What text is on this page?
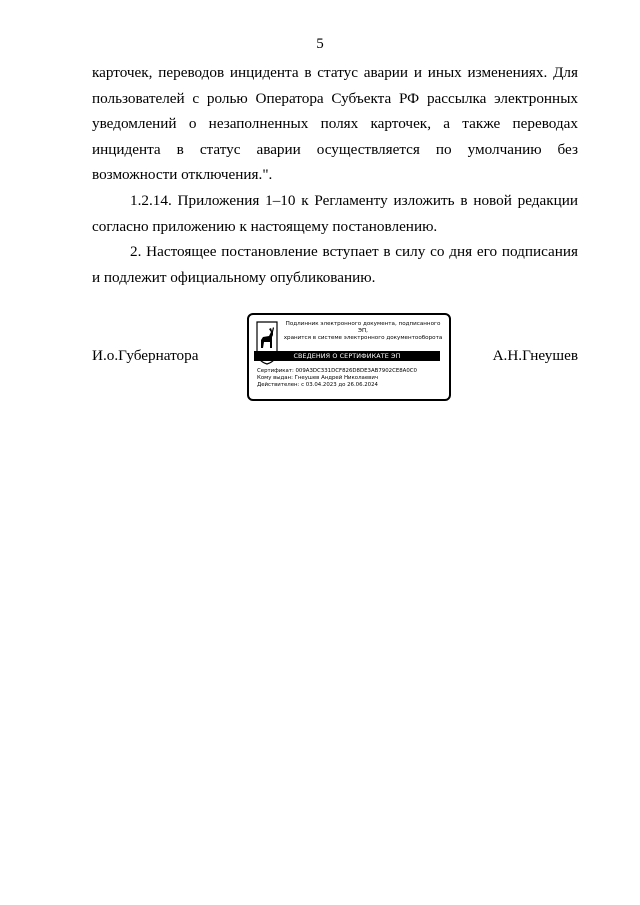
5

карточек, переводов инцидента в статус аварии и иных изменениях. Для пользователей с ролью Оператора Субъекта РФ рассылка электронных уведомлений о незаполненных полях карточек, а также переводах инцидента в статус аварии осуществляется по умолчанию без возможности отключения.".

1.2.14. Приложения 1–10 к Регламенту изложить в новой редакции согласно приложению к настоящему постановлению.

2. Настоящее постановление вступает в силу со дня его подписания и подлежит официальному опубликованию.

И.о.Губернатора
Подлинник электронного документа, подписанного ЭП,
хранится в системе электронного документооборота
СВЕДЕНИЯ О СЕРТИФИКАТЕ ЭП
Сертификат: 009A3DC331DCF826D8DE3AB7902CE8A0C0
Кому выдан: Гнеушев Андрей Николаевич
Действителен: с 03.04.2023 до 26.06.2024
А.Н.Гнеушев
